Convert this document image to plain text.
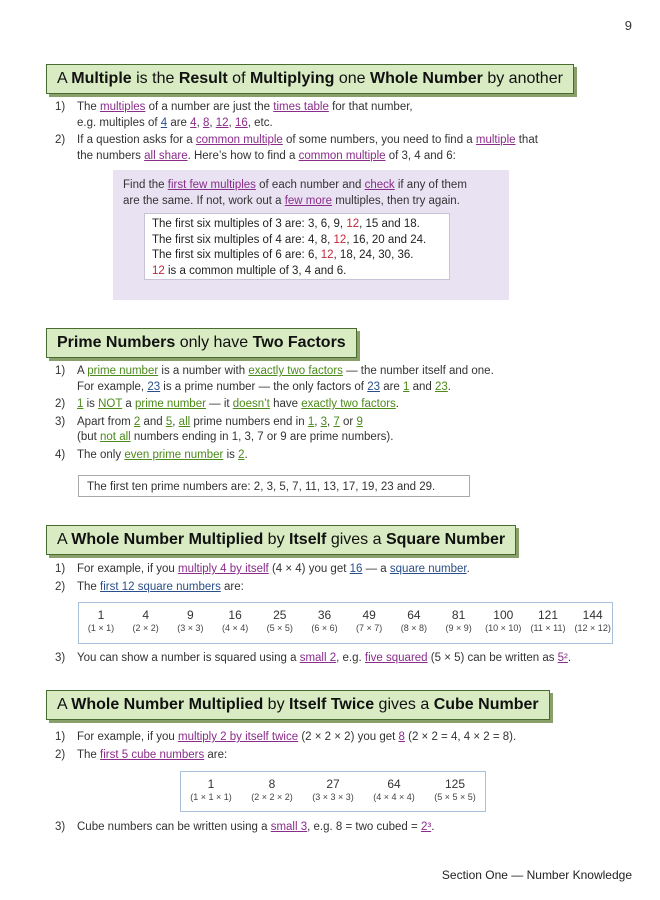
9
A Multiple is the Result of Multiplying one Whole Number by another
1) The multiples of a number are just the times table for that number,
e.g. multiples of 4 are 4, 8, 12, 16, etc.
2) If a question asks for a common multiple of some numbers, you need to find a multiple that
the numbers all share. Here’s how to find a common multiple of 3, 4 and 6:
Find the first few multiples of each number and check if any of them
are the same. If not, work out a few more multiples, then try again.
The first six multiples of 3 are: 3, 6, 9, 12, 15 and 18.
The first six multiples of 4 are: 4, 8, 12, 16, 20 and 24.
The first six multiples of 6 are: 6, 12, 18, 24, 30, 36.
12 is a common multiple of 3, 4 and 6.
Prime Numbers only have Two Factors
1) A prime number is a number with exactly two factors — the number itself and one.
For example, 23 is a prime number — the only factors of 23 are 1 and 23.
2) 1 is NOT a prime number — it doesn’t have exactly two factors.
3) Apart from 2 and 5, all prime numbers end in 1, 3, 7 or 9
(but not all numbers ending in 1, 3, 7 or 9 are prime numbers).
4) The only even prime number is 2.
The first ten prime numbers are: 2, 3, 5, 7, 11, 13, 17, 19, 23 and 29.
A Whole Number Multiplied by Itself gives a Square Number
1) For example, if you multiply 4 by itself (4 × 4) you get 16 — a square number.
2) The first 12 square numbers are:
1
(1 × 1)
4
(2 × 2)
9
(3 × 3)
16
(4 × 4)
25
(5 × 5)
36
(6 × 6)
49
(7 × 7)
64
(8 × 8)
81
(9 × 9)
100
(10 × 10)
121
(11 × 11)
144
(12 × 12)
3) You can show a number is squared using a small 2, e.g. five squared (5 × 5) can be written as 5².
A Whole Number Multiplied by Itself Twice gives a Cube Number
1) For example, if you multiply 2 by itself twice (2 × 2 × 2) you get 8 (2 × 2 = 4, 4 × 2 = 8).
2) The first 5 cube numbers are:
1
(1 × 1 × 1)
8
(2 × 2 × 2)
27
(3 × 3 × 3)
64
(4 × 4 × 4)
125
(5 × 5 × 5)
3) Cube numbers can be written using a small 3, e.g. 8 = two cubed = 2³.
Section One — Number Knowledge
